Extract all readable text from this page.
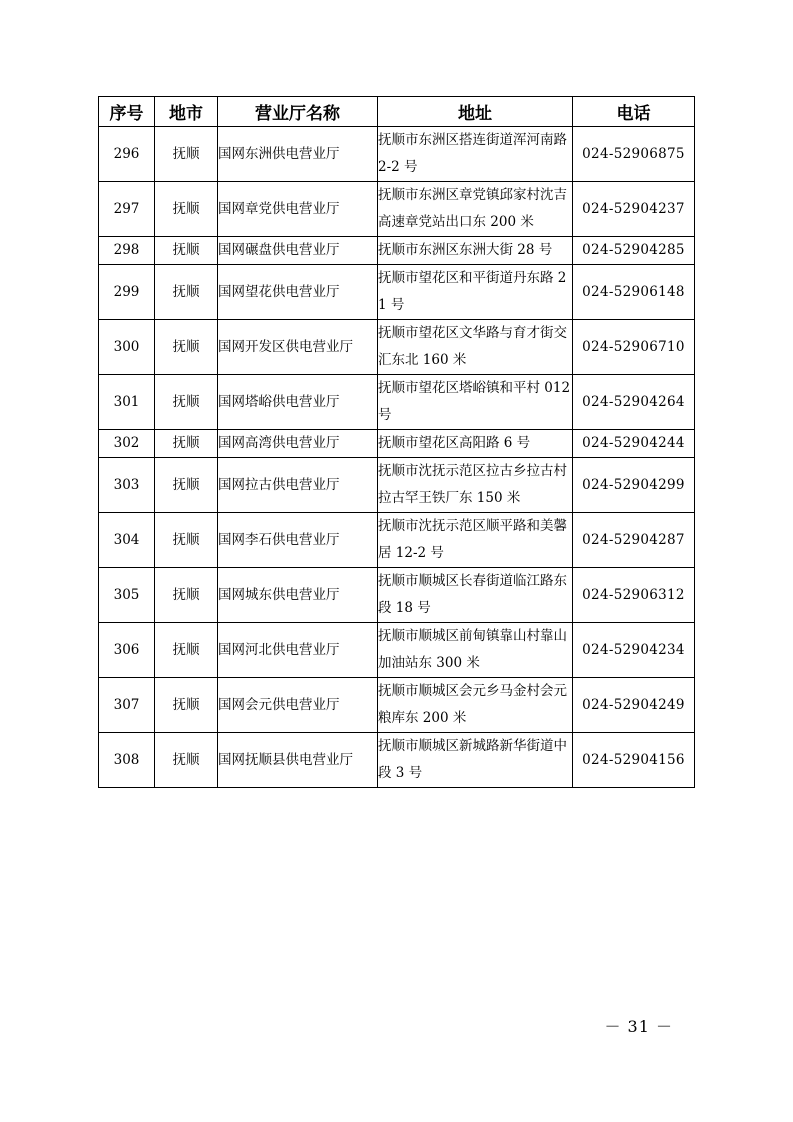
序号	地市	营业厅名称	地址	电话
296	抚顺	国网东洲供电营业厅	抚顺市东洲区搭连街道浑河南路 2-2 号	024-52906875
297	抚顺	国网章党供电营业厅	抚顺市东洲区章党镇邱家村沈吉高速章党站出口东 200 米	024-52904237
298	抚顺	国网碾盘供电营业厅	抚顺市东洲区东洲大街 28 号	024-52904285
299	抚顺	国网望花供电营业厅	抚顺市望花区和平街道丹东路 21 号	024-52906148
300	抚顺	国网开发区供电营业厅	抚顺市望花区文华路与育才街交汇东北 160 米	024-52906710
301	抚顺	国网塔峪供电营业厅	抚顺市望花区塔峪镇和平村 012 号	024-52904264
302	抚顺	国网高湾供电营业厅	抚顺市望花区高阳路 6 号	024-52904244
303	抚顺	国网拉古供电营业厅	抚顺市沈抚示范区拉古乡拉古村拉古罕王铁厂东 150 米	024-52904299
304	抚顺	国网李石供电营业厅	抚顺市沈抚示范区顺平路和美馨居 12-2 号	024-52904287
305	抚顺	国网城东供电营业厅	抚顺市顺城区长春街道临江路东段 18 号	024-52906312
306	抚顺	国网河北供电营业厅	抚顺市顺城区前甸镇靠山村靠山加油站东 300 米	024-52904234
307	抚顺	国网会元供电营业厅	抚顺市顺城区会元乡马金村会元粮库东 200 米	024-52904249
308	抚顺	国网抚顺县供电营业厅	抚顺市顺城区新城路新华街道中段 3 号	024-52904156
－ 31 －
